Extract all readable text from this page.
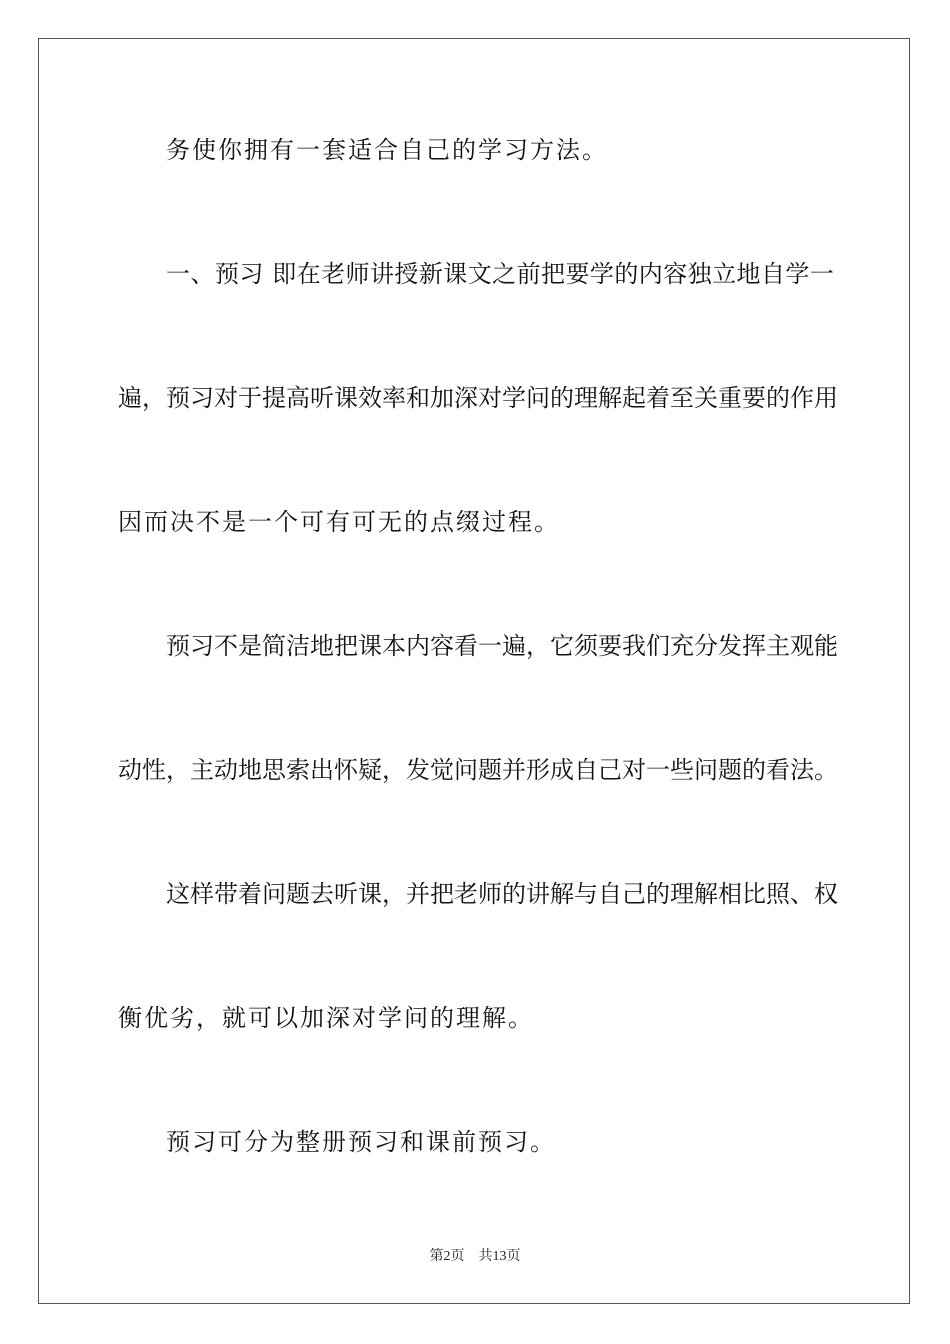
务使你拥有一套适合自己的学习方法。
一 、 预 习 即 在 老 师 讲 授 新 课 文 之 前 把 要 学 的 内 容 独 立 地 自 学 一
遍 ， 预 习 对 于 提 高 听 课 效 率 和 加 深 对 学 问 的 理 解 起 着 至 关 重 要 的 作 用
因而决不是一个可有可无的点缀过程。
预 习 不 是 简 洁 地 把 课 本 内 容 看 一 遍 ， 它 须 要 我 们 充 分 发 挥 主 观 能
动 性 ， 主 动 地 思 索 出 怀 疑 ， 发 觉 问 题 并 形 成 自 己 对 一 些 问 题 的 看 法 。
这 样 带 着 问 题 去 听 课 ， 并 把 老 师 的 讲 解 与 自 己 的 理 解 相 比 照 、 权
衡优劣，就可以加深对学问的理解。
预习可分为整册预习和课前预习。
第2页 共13页
